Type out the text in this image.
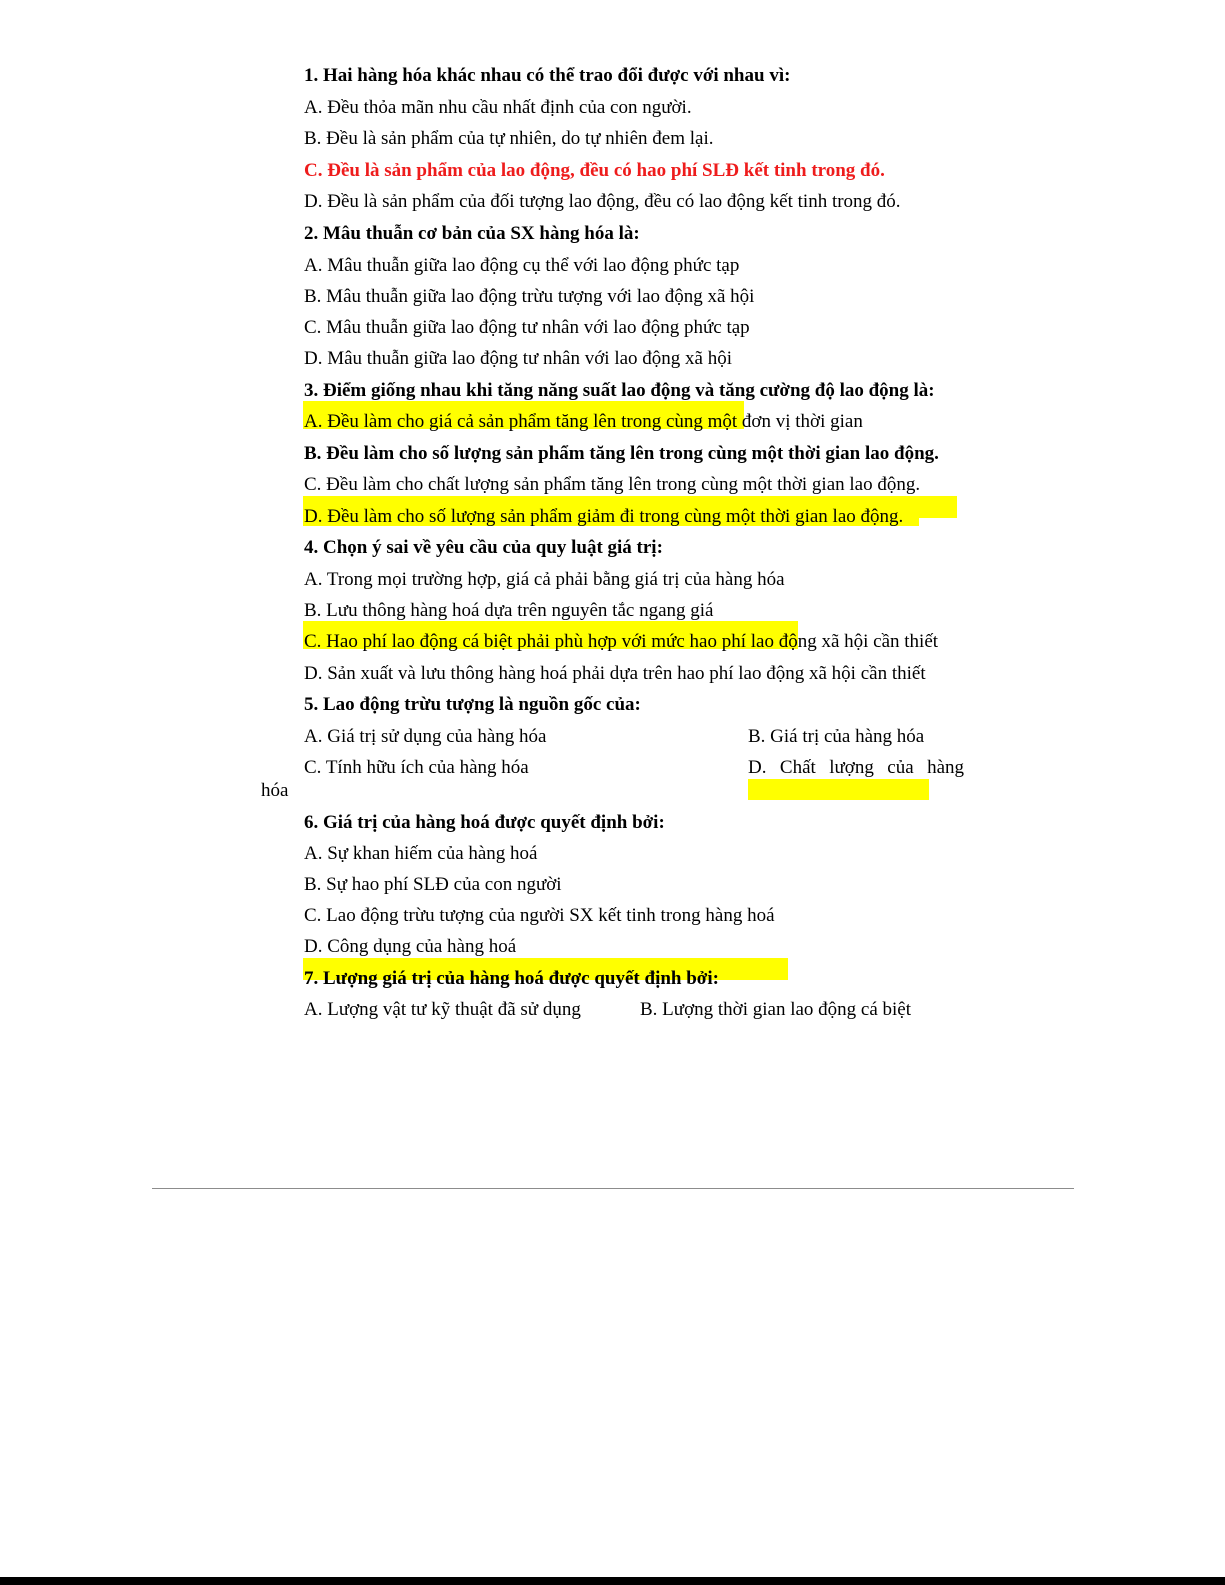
1. Hai hàng hóa khác nhau có thể trao đổi được với nhau vì:
A. Đều thỏa mãn nhu cầu nhất định của con người.
B. Đều là sản phẩm của tự nhiên, do tự nhiên đem lại.
C. Đều là sản phẩm của lao động, đều có hao phí SLĐ kết tinh trong đó.
D. Đều là sản phẩm của đối tượng lao động, đều có lao động kết tinh trong đó.
2. Mâu thuẫn cơ bản của SX hàng hóa là:
A. Mâu thuẫn giữa lao động cụ thể với lao động phức tạp
B. Mâu thuẫn giữa lao động trừu tượng với lao động xã hội
C. Mâu thuẫn giữa lao động tư nhân với lao động phức tạp
D. Mâu thuẫn giữa lao động tư nhân với lao động xã hội
3. Điểm giống nhau khi tăng năng suất lao động và tăng cường độ lao động là:
A. Đều làm cho giá cả sản phẩm tăng lên trong cùng một đơn vị thời gian
B. Đều làm cho số lượng sản phẩm tăng lên trong cùng một thời gian lao động.
C. Đều làm cho chất lượng sản phẩm tăng lên trong cùng một thời gian lao động.
D. Đều làm cho số lượng sản phẩm giảm đi trong cùng một thời gian lao động.
4. Chọn ý sai về yêu cầu của quy luật giá trị:
A. Trong mọi trường hợp, giá cả phải bằng giá trị của hàng hóa
B. Lưu thông hàng hoá dựa trên nguyên tắc ngang giá
C. Hao phí lao động cá biệt phải phù hợp với mức hao phí lao động xã hội cần thiết
D. Sản xuất và lưu thông hàng hoá phải dựa trên hao phí lao động xã hội cần thiết
5. Lao động trừu tượng là nguồn gốc của:
A. Giá trị sử dụng của hàng hóa	B. Giá trị của hàng hóa
C. Tính hữu ích của hàng hóa	D. Chất lượng của hàng
hóa
6. Giá trị của hàng hoá được quyết định bởi:
A. Sự khan hiếm của hàng hoá
B. Sự hao phí SLĐ của con người
C. Lao động trừu tượng của người SX kết tinh trong hàng hoá
D. Công dụng của hàng hoá
7. Lượng giá trị của hàng hoá được quyết định bởi:
A. Lượng vật tư kỹ thuật đã sử dụng	B. Lượng thời gian lao động cá biệt
